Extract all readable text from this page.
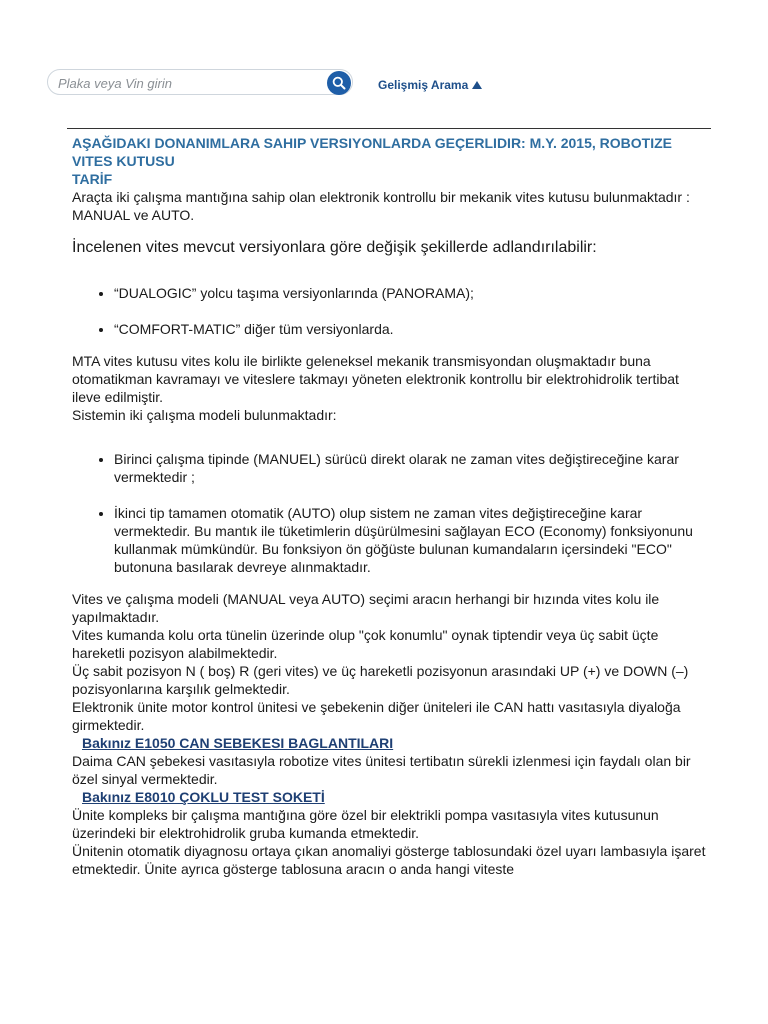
Plaka veya Vin girin
Gelişmiş Arama

AŞAĞIDAKI DONANIMLARA SAHIP VERSIYONLARDA GEÇERLIDIR: M.Y. 2015, ROBOTIZE VITES KUTUSU

TARİF

Araçta iki çalışma mantığına sahip olan elektronik kontrollu bir mekanik vites kutusu bulunmaktadır : MANUAL ve AUTO.

İncelenen vites mevcut versiyonlara göre değişik şekillerde adlandırılabilir:

• “DUALOGIC” yolcu taşıma versiyonlarında (PANORAMA);
• “COMFORT-MATIC” diğer tüm versiyonlarda.

MTA vites kutusu vites kolu ile birlikte geleneksel mekanik transmisyondan oluşmaktadır buna otomatikman kavramayı ve viteslere takmayı yöneten elektronik kontrollu bir elektrohidrolik tertibat ileve edilmiştir.

Sistemin iki çalışma modeli bulunmaktadır:

• Birinci çalışma tipinde (MANUEL) sürücü direkt olarak ne zaman vites değiştireceğine karar vermektedir ;
• İkinci tip tamamen otomatik (AUTO) olup sistem ne zaman vites değiştireceğine karar vermektedir. Bu mantık ile tüketimlerin düşürülmesini sağlayan ECO (Economy) fonksiyonunu kullanmak mümkündür. Bu fonksiyon ön göğüste bulunan kumandaların içersindeki "ECO" butonuna basılarak devreye alınmaktadır.

Vites ve çalışma modeli (MANUAL veya AUTO) seçimi aracın herhangi bir hızında vites kolu ile yapılmaktadır.

Vites kumanda kolu orta tünelin üzerinde olup "çok konumlu" oynak tiptendir veya üç sabit üçte hareketli pozisyon alabilmektedir.

Üç sabit pozisyon N ( boş) R (geri vites) ve üç hareketli pozisyonun arasındaki UP (+) ve DOWN (–) pozisyonlarına karşılık gelmektedir.

Elektronik ünite motor kontrol ünitesi ve şebekenin diğer üniteleri ile CAN hattı vasıtasıyla diyaloğa girmektedir.

Bakınız E1050 CAN SEBEKESI BAGLANTILARI

Daima CAN şebekesi vasıtasıyla robotize vites ünitesi tertibatın sürekli izlenmesi için faydalı olan bir özel sinyal vermektedir.

Bakınız E8010 ÇOKLU TEST SOKETİ

Ünite kompleks bir çalışma mantığına göre özel bir elektrikli pompa vasıtasıyla vites kutusunun üzerindeki bir elektrohidrolik gruba kumanda etmektedir.

Ünitenin otomatik diyagnosu ortaya çıkan anomaliyi gösterge tablosundaki özel uyarı lambasıyla işaret etmektedir. Ünite ayrıca gösterge tablosuna aracın o anda hangi viteste
